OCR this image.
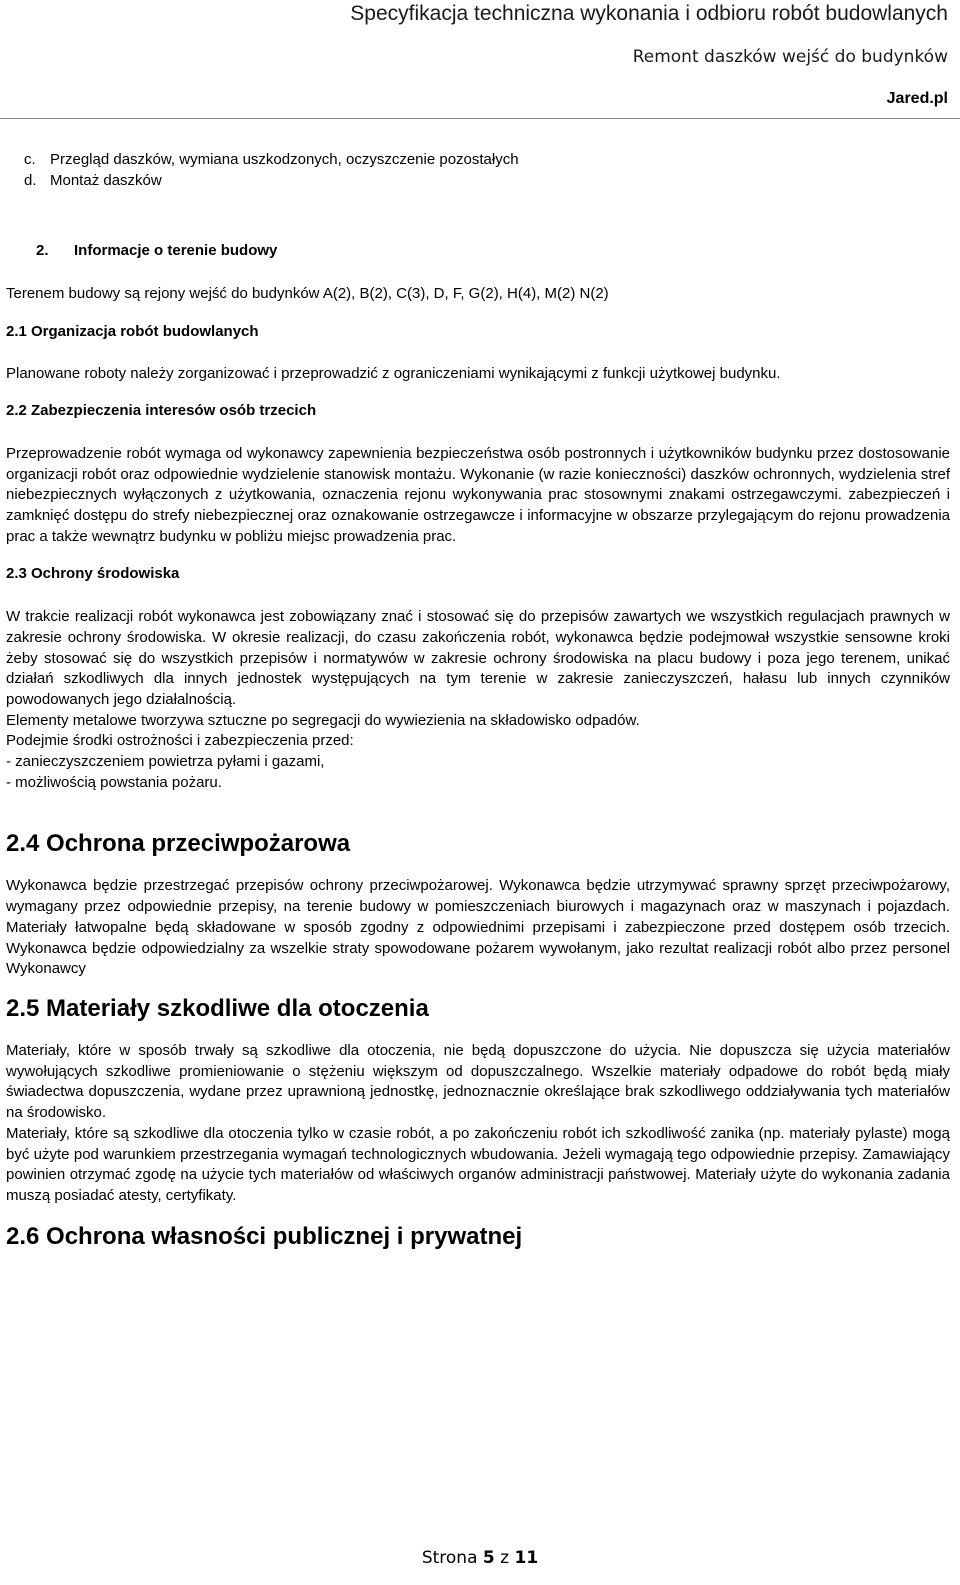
Specyfikacja techniczna wykonania i odbioru robót budowlanych
Remont daszków wejść do budynków
Jared.pl
c. Przegląd daszków, wymiana uszkodzonych, oczyszczenie pozostałych
d. Montaż daszków
2. Informacje o terenie budowy

Terenem budowy są rejony wejść do budynków A(2), B(2), C(3), D, F, G(2), H(4), M(2) N(2)

2.1 Organizacja robót budowlanych

Planowane roboty należy zorganizować i przeprowadzić z ograniczeniami wynikającymi z funkcji użytkowej budynku.

2.2 Zabezpieczenia interesów osób trzecich

Przeprowadzenie robót wymaga od wykonawcy zapewnienia bezpieczeństwa osób postronnych i użytkowników budynku przez dostosowanie organizacji robót oraz odpowiednie wydzielenie stanowisk montażu. Wykonanie (w razie konieczności) daszków ochronnych, wydzielenia stref niebezpiecznych wyłączonych z użytkowania, oznaczenia rejonu wykonywania prac stosownymi znakami ostrzegawczymi. zabezpieczeń i zamknięć dostępu do strefy niebezpiecznej oraz oznakowanie ostrzegawcze i informacyjne w obszarze przylegającym do rejonu prowadzenia prac a także wewnątrz budynku w pobliżu miejsc prowadzenia prac.

2.3 Ochrony środowiska

W trakcie realizacji robót wykonawca jest zobowiązany znać i stosować się do przepisów zawartych we wszystkich regulacjach prawnych w zakresie ochrony środowiska. W okresie realizacji, do czasu zakończenia robót, wykonawca będzie podejmował wszystkie sensowne kroki żeby stosować się do wszystkich przepisów i normatywów w zakresie ochrony środowiska na placu budowy i poza jego terenem, unikać działań szkodliwych dla innych jednostek występujących na tym terenie w zakresie zanieczyszczeń, hałasu lub innych czynników powodowanych jego działalnością.

Elementy metalowe tworzywa sztuczne po segregacji do wywiezienia na składowisko odpadów.

Podejmie środki ostrożności i zabezpieczenia przed:

- zanieczyszczeniem powietrza pyłami i gazami,

- możliwością powstania pożaru.

2.4 Ochrona przeciwpożarowa

Wykonawca będzie przestrzegać przepisów ochrony przeciwpożarowej. Wykonawca będzie utrzymywać sprawny sprzęt przeciwpożarowy, wymagany przez odpowiednie przepisy, na terenie budowy w pomieszczeniach biurowych i magazynach oraz w maszynach i pojazdach. Materiały łatwopalne będą składowane w sposób zgodny z odpowiednimi przepisami i zabezpieczone przed dostępem osób trzecich. Wykonawca będzie odpowiedzialny za wszelkie straty spowodowane pożarem wywołanym, jako rezultat realizacji robót albo przez personel Wykonawcy

2.5 Materiały szkodliwe dla otoczenia

Materiały, które w sposób trwały są szkodliwe dla otoczenia, nie będą dopuszczone do użycia. Nie dopuszcza się użycia materiałów wywołujących szkodliwe promieniowanie o stężeniu większym od dopuszczalnego. Wszelkie materiały odpadowe do robót będą miały świadectwa dopuszczenia, wydane przez uprawnioną jednostkę, jednoznacznie określające brak szkodliwego oddziaływania tych materiałów na środowisko.

Materiały, które są szkodliwe dla otoczenia tylko w czasie robót, a po zakończeniu robót ich szkodliwość zanika (np. materiały pylaste) mogą być użyte pod warunkiem przestrzegania wymagań technologicznych wbudowania. Jeżeli wymagają tego odpowiednie przepisy. Zamawiający powinien otrzymać zgodę na użycie tych materiałów od właściwych organów administracji państwowej. Materiały użyte do wykonania zadania muszą posiadać atesty, certyfikaty.

2.6 Ochrona własności publicznej i prywatnej

Strona 5 z 11
